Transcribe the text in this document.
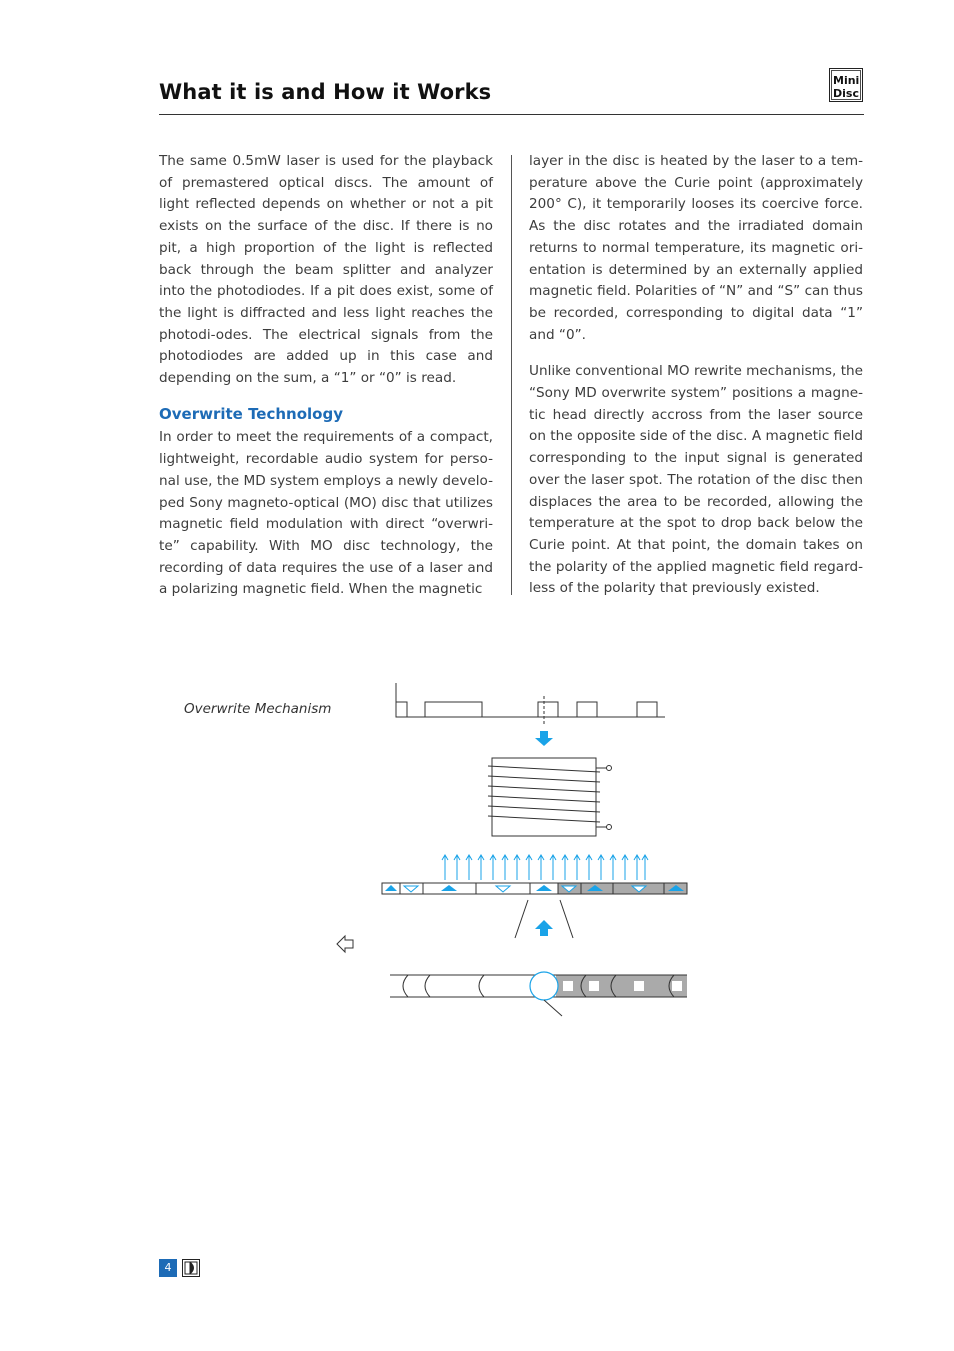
What it is and How it Works	Mini
Disc

The same 0.5mW laser is used for the playback of premastered optical discs. The amount of light reflected depends on whether or not a pit exists on the surface of the disc. If there is no pit, a high proportion of the light is reflected back through the beam splitter and analyzer into the photodiodes. If a pit does exist, some of the light is diffracted and less light reaches the photodi-odes. The electrical signals from the photodiodes are added up in this case and depending on the sum, a “1” or “0” is read.

Overwrite Technology

In order to meet the requirements of a compact, lightweight, recordable audio system for perso-nal use, the MD system employs a newly develo-ped Sony magneto-optical (MO) disc that utilizes magnetic field modulation with direct “overwri-te” capability. With MO disc technology, the recording of data requires the use of a laser and a polarizing magnetic field. When the magnetic

layer in the disc is heated by the laser to a tem-perature above the Curie point (approximately 200° C), it temporarily looses its coercive force. As the disc rotates and the irradiated domain returns to normal temperature, its magnetic ori-entation is determined by an externally applied magnetic field. Polarities of “N” and “S” can thus be recorded, corresponding to digital data “1” and “0”.

Unlike conventional MO rewrite mechanisms, the “Sony MD overwrite system” positions a magne-tic head directly accross from the laser source on the opposite side of the disc. A magnetic field corresponding to the input signal is generated over the laser spot. The rotation of the disc then displaces the area to be recorded, allowing the temperature at the spot to drop back below the Curie point. At that point, the domain takes on the polarity of the applied magnetic field regard-less of the polarity that previously existed.

Overwrite Mechanism
4
